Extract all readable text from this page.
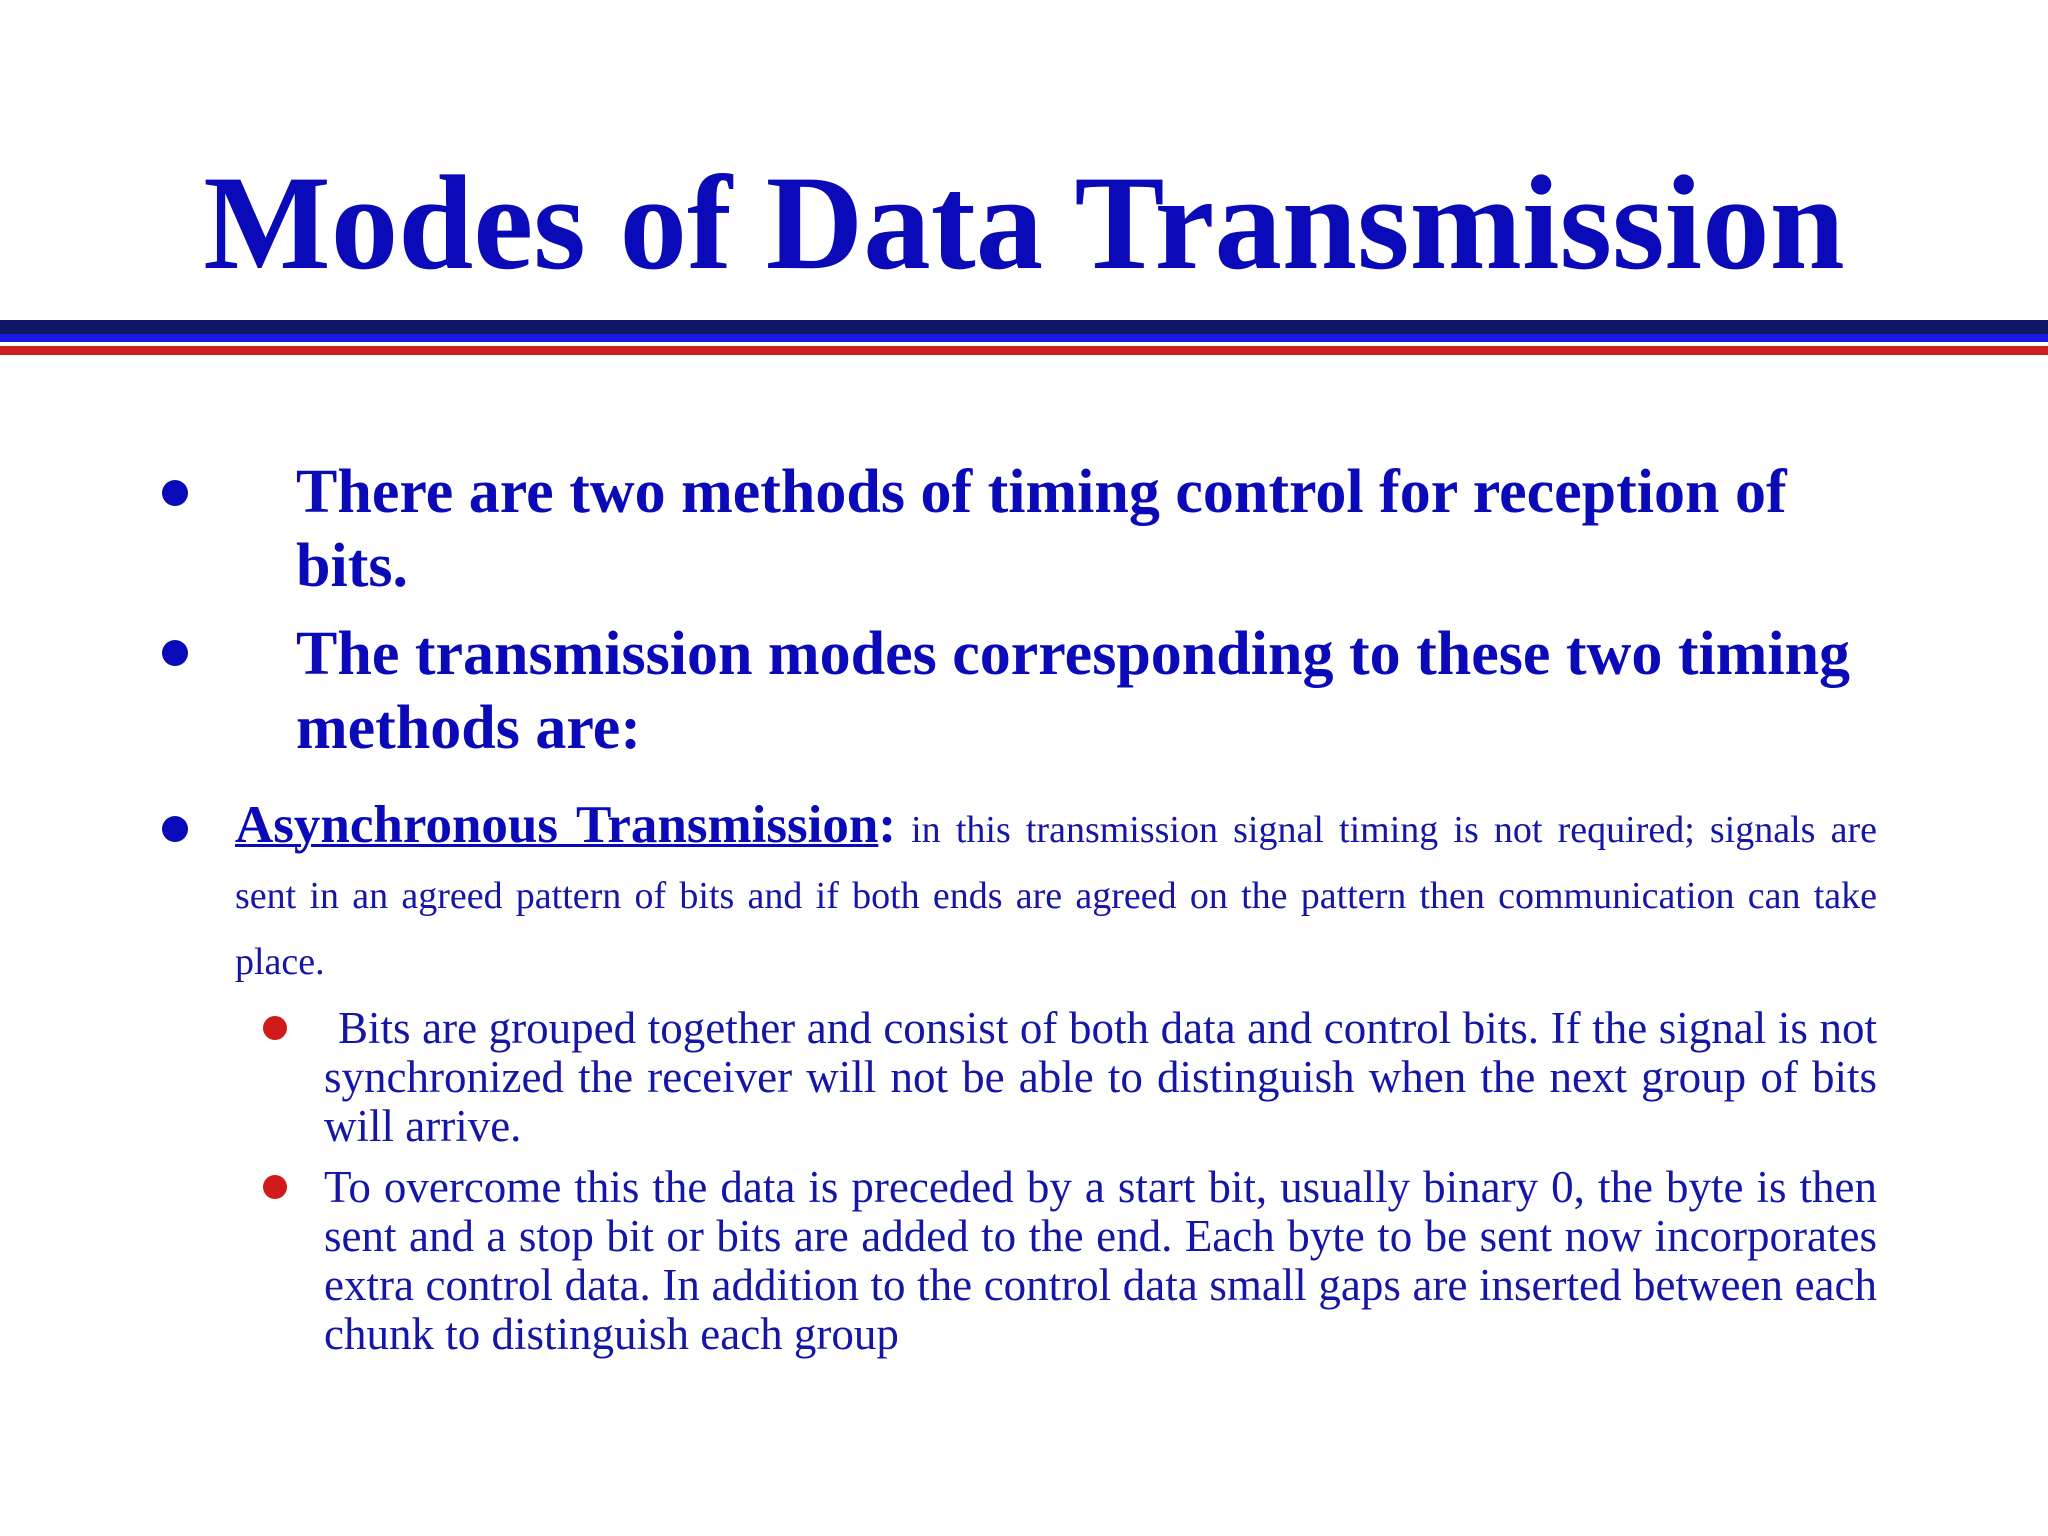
Modes of Data Transmission

There are two methods of timing control for reception of bits.

The transmission modes corresponding to these two timing methods are:

Asynchronous Transmission: in this transmission signal timing is not required; signals are sent in an agreed pattern of bits and if both ends are agreed on the pattern then communication can take place.

Bits are grouped together and consist of both data and control bits. If the signal is not synchronized the receiver will not be able to distinguish when the next group of bits will arrive.

To overcome this the data is preceded by a start bit, usually binary 0, the byte is then sent and a stop bit or bits are added to the end. Each byte to be sent now incorporates extra control data. In addition to the control data small gaps are inserted between each chunk to distinguish each group
